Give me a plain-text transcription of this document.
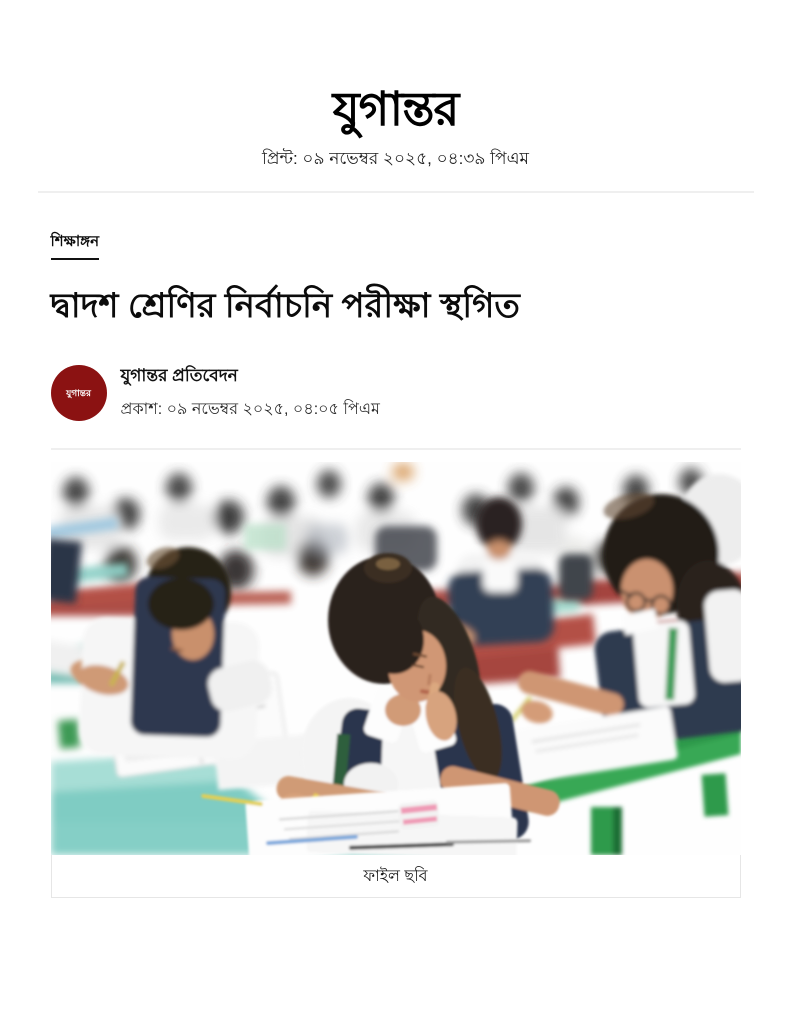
যুগান্তর
প্রিন্ট: ০৯ নভেম্বর ২০২৫, ০৪:৩৯ পিএম
শিক্ষাঙ্গন
দ্বাদশ শ্রেণির নির্বাচনি পরীক্ষা স্থগিত
যুগান্তর
যুগান্তর প্রতিবেদন
প্রকাশ: ০৯ নভেম্বর ২০২৫, ০৪:০৫ পিএম
ফাইল ছবি
